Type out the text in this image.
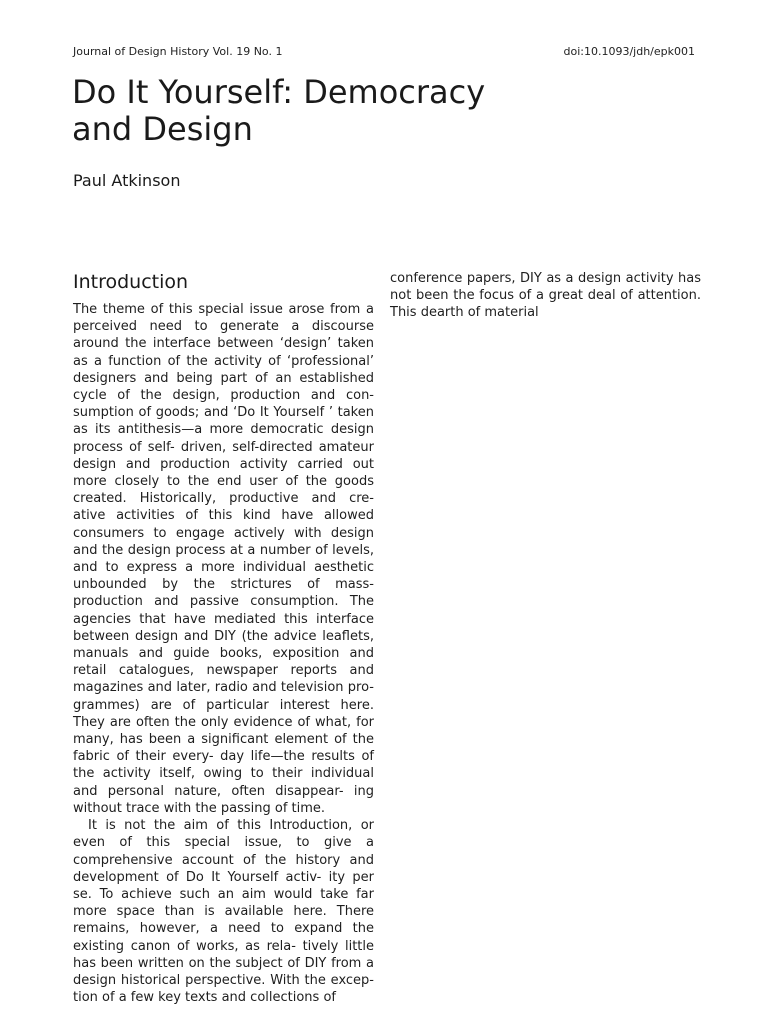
Journal of Design History Vol. 19 No. 1	doi:10.1093/jdh/epk001
Do It Yourself: Democracy and Design
Paul Atkinson
Introduction

The theme of this special issue arose from a perceived need to generate a discourse around the interface between ‘design’ taken as a function of the activity of ‘professional’ designers and being part of an established cycle of the design, production and con- sumption of goods; and ‘Do It Yourself ’ taken as its antithesis—a more democratic design process of self- driven, self-directed amateur design and production activity carried out more closely to the end user of the goods created. Historically, productive and cre- ative activities of this kind have allowed consumers to engage actively with design and the design process at a number of levels, and to express a more individual aesthetic unbounded by the strictures of mass- production and passive consumption. The agencies that have mediated this interface between design and DIY (the advice leaflets, manuals and guide books, exposition and retail catalogues, newspaper reports and magazines and later, radio and television pro- grammes) are of particular interest here. They are often the only evidence of what, for many, has been a significant element of the fabric of their every- day life—the results of the activity itself, owing to their individual and personal nature, often disappear- ing without trace with the passing of time.

It is not the aim of this Introduction, or even of this special issue, to give a comprehensive account of the history and development of Do It Yourself activ- ity per se. To achieve such an aim would take far more space than is available here. There remains, however, a need to expand the existing canon of works, as rela- tively little has been written on the subject of DIY from a design historical perspective. With the excep- tion of a few key texts and collections of

conference papers, DIY as a design activity has not been the focus of a great deal of attention. This dearth of material
